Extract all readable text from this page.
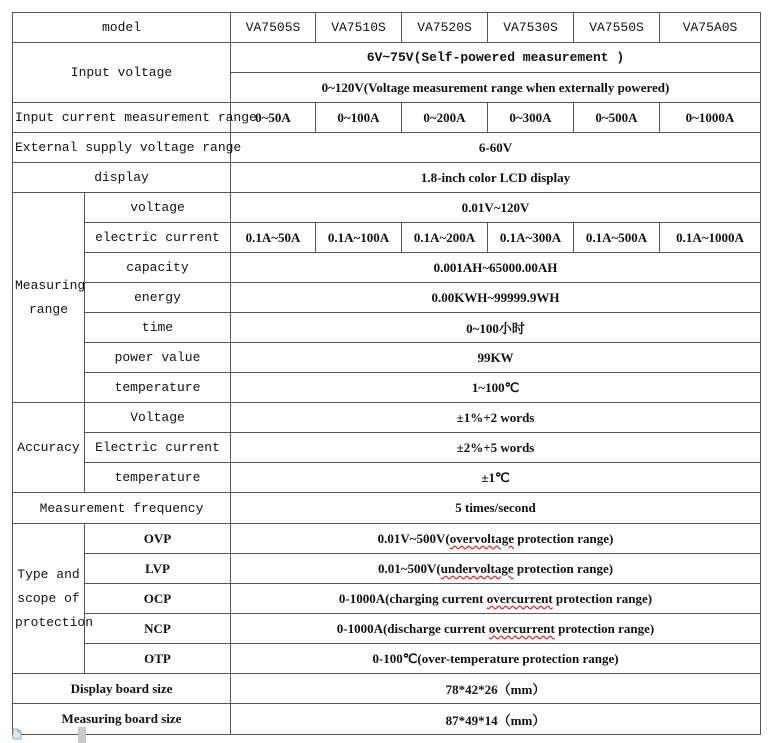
model		VA7505S	VA7510S	VA7520S	VA7530S	VA7550S	VA75A0S
Input voltage		6V~75V(Self-powered measurement )					
		0~120V(Voltage measurement range when externally powered)					
Input current measurement range		0~50A	0~100A	0~200A	0~300A	0~500A	0~1000A
External supply voltage range		6-60V					
display		1.8-inch color LCD display					
Measuring range	voltage	0.01V~120V					
	electric current	0.1A~50A	0.1A~100A	0.1A~200A	0.1A~300A	0.1A~500A	0.1A~1000A
	capacity	0.001AH~65000.00AH					
	energy	0.00KWH~99999.9WH					
	time	0~100小时					
	power value	99KW					
	temperature	1~100℃					
Accuracy	Voltage	±1%+2 words					
	Electric current	±2%+5 words					
	temperature	±1℃					
Measurement frequency		5 times/second					
Type and scope of protection	OVP	0.01V~500V(overvoltage protection range)					
	LVP	0.01~500V(undervoltage protection range)					
	OCP	0-1000A(charging current overcurrent protection range)					
	NCP	0-1000A(discharge current overcurrent protection range)					
	OTP	0-100℃(over-temperature protection range)					
Display board size		78*42*26（mm）					
Measuring board size		87*49*14（mm）					
